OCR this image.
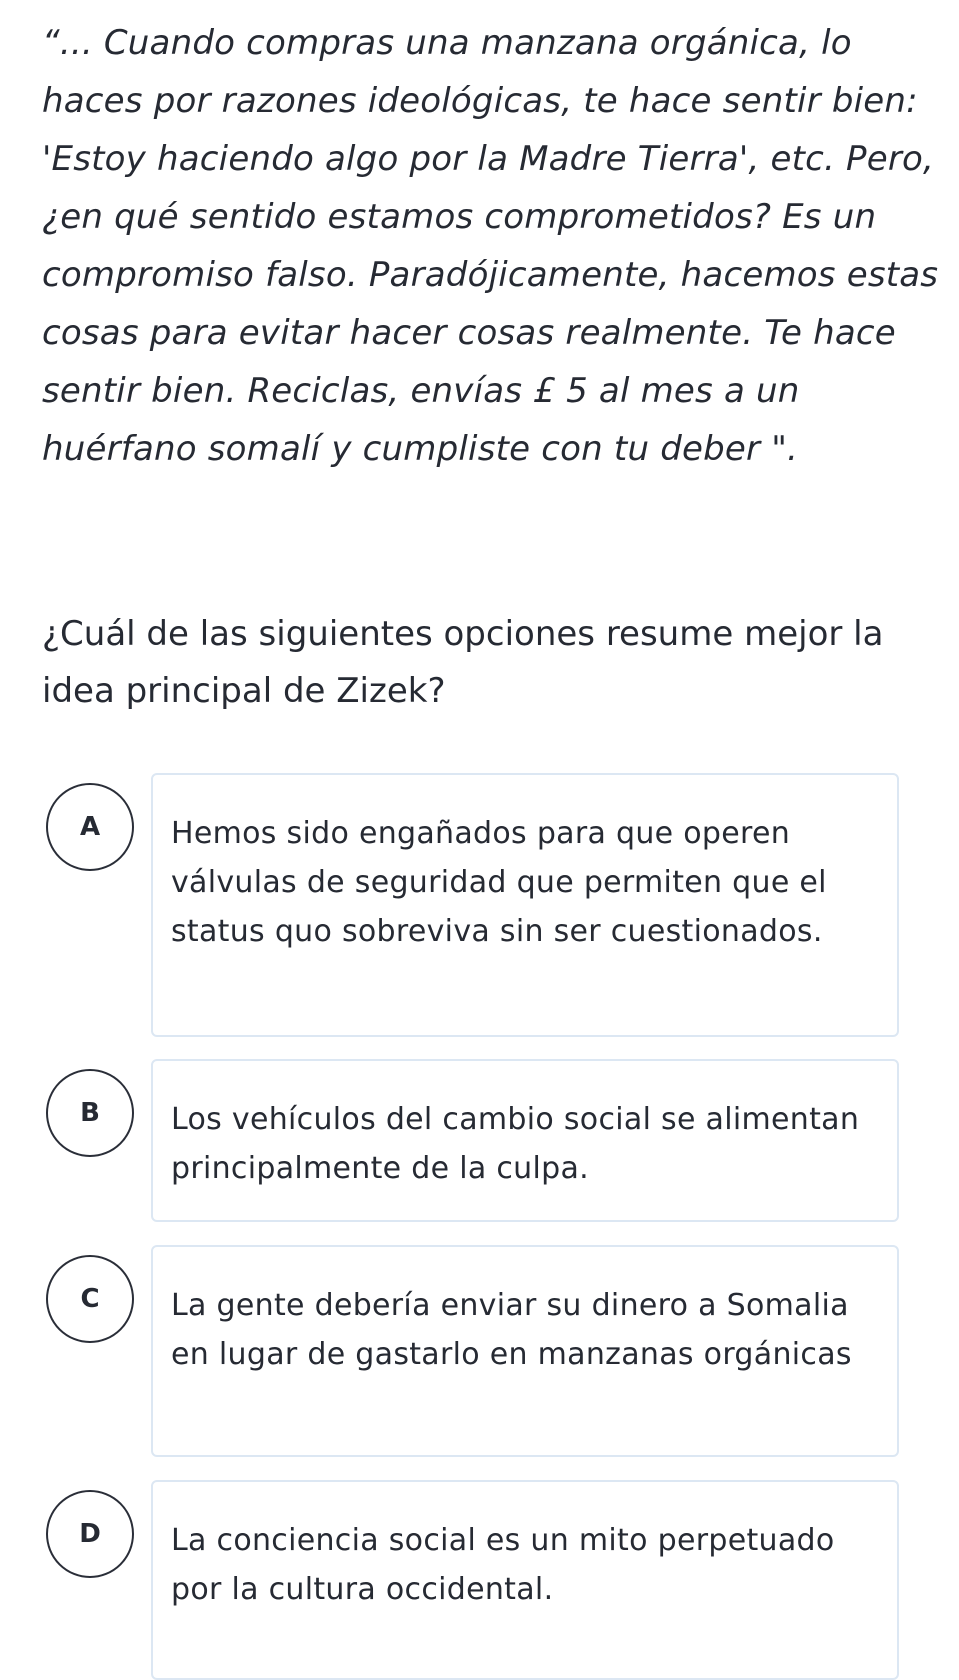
“... Cuando compras una manzana orgánica, lo haces por razones ideológicas, te hace sentir bien: 'Estoy haciendo algo por la Madre Tierra', etc. Pero, ¿en qué sentido estamos comprometidos? Es un compromiso falso. Paradójicamente, hacemos estas cosas para evitar hacer cosas realmente. Te hace sentir bien. Reciclas, envías £ 5 al mes a un huérfano somalí y cumpliste con tu deber ".

¿Cuál de las siguientes opciones resume mejor la idea principal de Zizek?

A	Hemos sido engañados para que operen válvulas de seguridad que permiten que el status quo sobreviva sin ser cuestionados.
B	Los vehículos del cambio social se alimentan principalmente de la culpa.
C	La gente debería enviar su dinero a Somalia en lugar de gastarlo en manzanas orgánicas
D	La conciencia social es un mito perpetuado por la cultura occidental.
